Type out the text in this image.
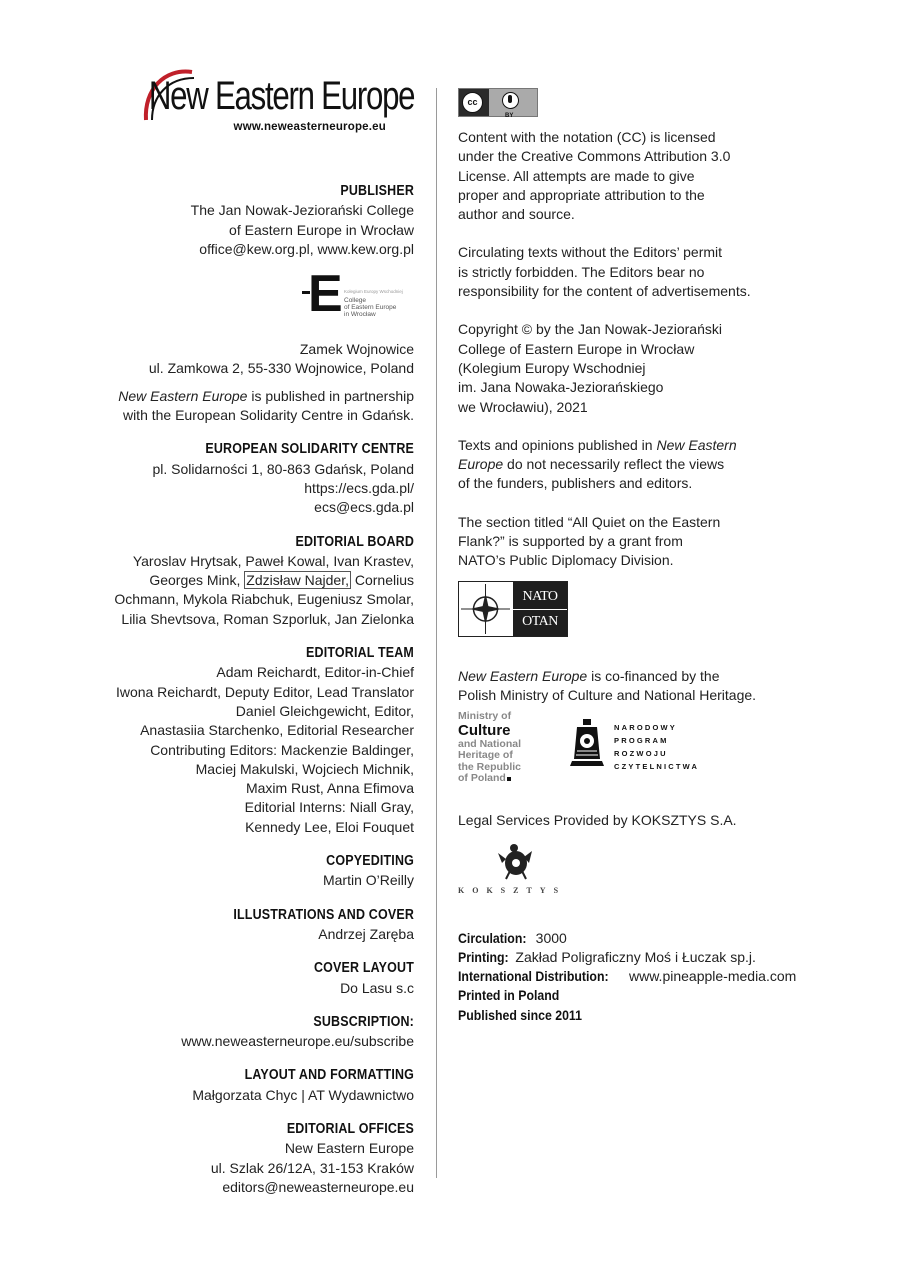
New Eastern Europe
www.neweasterneurope.eu
PUBLISHER
The Jan Nowak-Jeziorański College
of Eastern Europe in Wrocław
office@kew.org.pl, www.kew.org.pl
E Kolegium Europy Wschodniej
College
of Eastern Europe
in Wrocław
Zamek Wojnowice
ul. Zamkowa 2, 55-330 Wojnowice, Poland
New Eastern Europe is published in partnership
with the European Solidarity Centre in Gdańsk.
EUROPEAN SOLIDARITY CENTRE
pl. Solidarności 1, 80-863 Gdańsk, Poland
https://ecs.gda.pl/
ecs@ecs.gda.pl
EDITORIAL BOARD
Yaroslav Hrytsak, Paweł Kowal, Ivan Krastev,
Georges Mink, Zdzisław Najder, Cornelius
Ochmann, Mykola Riabchuk, Eugeniusz Smolar,
Lilia Shevtsova, Roman Szporluk, Jan Zielonka
EDITORIAL TEAM
Adam Reichardt, Editor-in-Chief
Iwona Reichardt, Deputy Editor, Lead Translator
Daniel Gleichgewicht, Editor,
Anastasiia Starchenko, Editorial Researcher
Contributing Editors: Mackenzie Baldinger,
Maciej Makulski, Wojciech Michnik,
Maxim Rust, Anna Efimova
Editorial Interns: Niall Gray,
Kennedy Lee, Eloi Fouquet
COPYEDITING
Martin O’Reilly
ILLUSTRATIONS AND COVER
Andrzej Zaręba
COVER LAYOUT
Do Lasu s.c
SUBSCRIPTION:
www.neweasterneurope.eu/subscribe
LAYOUT AND FORMATTING
Małgorzata Chyc | AT Wydawnictwo
EDITORIAL OFFICES
New Eastern Europe
ul. Szlak 26/12A, 31-153 Kraków
editors@neweasterneurope.eu
cc
BY
Content with the notation (CC) is licensed
under the Creative Commons Attribution 3.0
License. All attempts are made to give
proper and appropriate attribution to the
author and source.
Circulating texts without the Editors’ permit
is strictly forbidden. The Editors bear no
responsibility for the content of advertisements.
Copyright © by the Jan Nowak-Jeziorański
College of Eastern Europe in Wrocław
(Kolegium Europy Wschodniej
im. Jana Nowaka-Jeziorańskiego
we Wrocławiu), 2021
Texts and opinions published in New Eastern
Europe do not necessarily reflect the views
of the funders, publishers and editors.
The section titled “All Quiet on the Eastern
Flank?” is supported by a grant from
NATO’s Public Diplomacy Division.
NATO
OTAN
New Eastern Europe is co-financed by the
Polish Ministry of Culture and National Heritage.
Ministry of
Culture
and National
Heritage of
the Republic
of Poland
NARODOWY
PROGRAM
ROZWOJU
CZYTELNICTWA
Legal Services Provided by KOKSZTYS S.A.
KOKSZTYS
Circulation: 3000
Printing: Zakład Poligraficzny Moś i Łuczak sp.j.
International Distribution: www.pineapple-media.com
Printed in Poland
Published since 2011
